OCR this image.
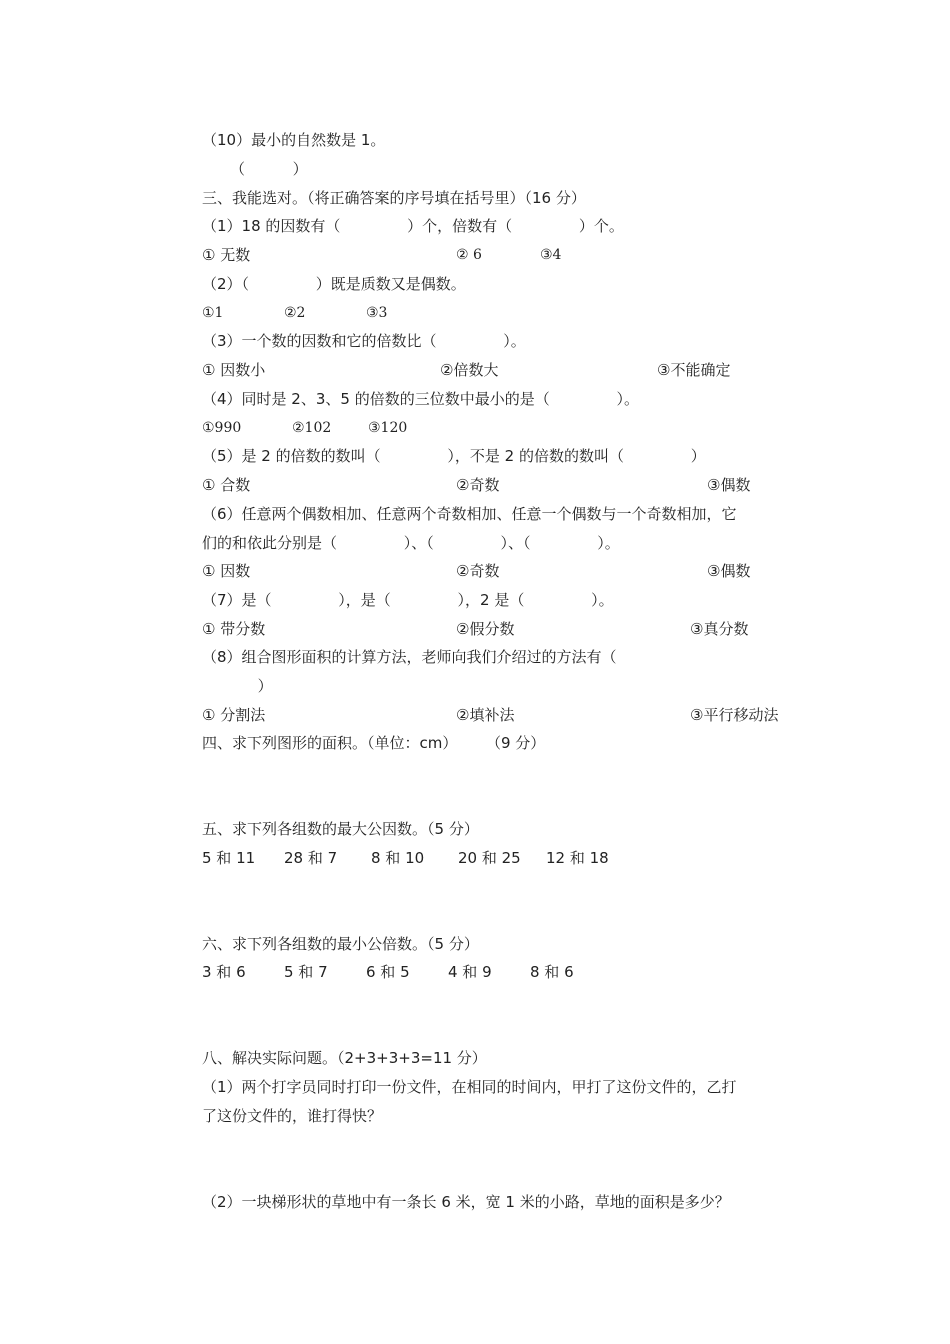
（10）最小的自然数是 1。
（          ）
三、我能选对。（将正确答案的序号填在括号里）（16 分）
（1）18 的因数有（              ）个，倍数有（              ）个。
① 无数	② 6	③4
（2）（              ）既是质数又是偶数。
①1	②2	③3
（3）一个数的因数和它的倍数比（              ）。
① 因数小	②倍数大	③不能确定
（4）同时是 2、3、5 的倍数的三位数中最小的是（              ）。
①990	②102	③120
（5）是 2 的倍数的数叫（              ），不是 2 的倍数的数叫（              ）
① 合数	②奇数	③偶数
（6）任意两个偶数相加、任意两个奇数相加、任意一个偶数与一个奇数相加，它
们的和依此分别是（              ）、（              ）、（              ）。
① 因数	②奇数	③偶数
（7）是（              ），是（              ），2 是（              ）。
① 带分数	②假分数	③真分数
（8）组合图形面积的计算方法，老师向我们介绍过的方法有（
）
① 分割法	②填补法	③平行移动法
四、求下列图形的面积。（单位：cm）      （9 分）
五、求下列各组数的最大公因数。（5 分）
5 和 11 28 和 7 8 和 10 20 和 25 12 和 18
六、求下列各组数的最小公倍数。（5 分）
3 和 6	5 和 7	6 和 5	4 和 9	8 和 6
八、解决实际问题。（2+3+3+3=11 分）
（1）两个打字员同时打印一份文件，在相同的时间内，甲打了这份文件的，乙打
了这份文件的，谁打得快？
（2）一块梯形状的草地中有一条长 6 米，宽 1 米的小路，草地的面积是多少？
